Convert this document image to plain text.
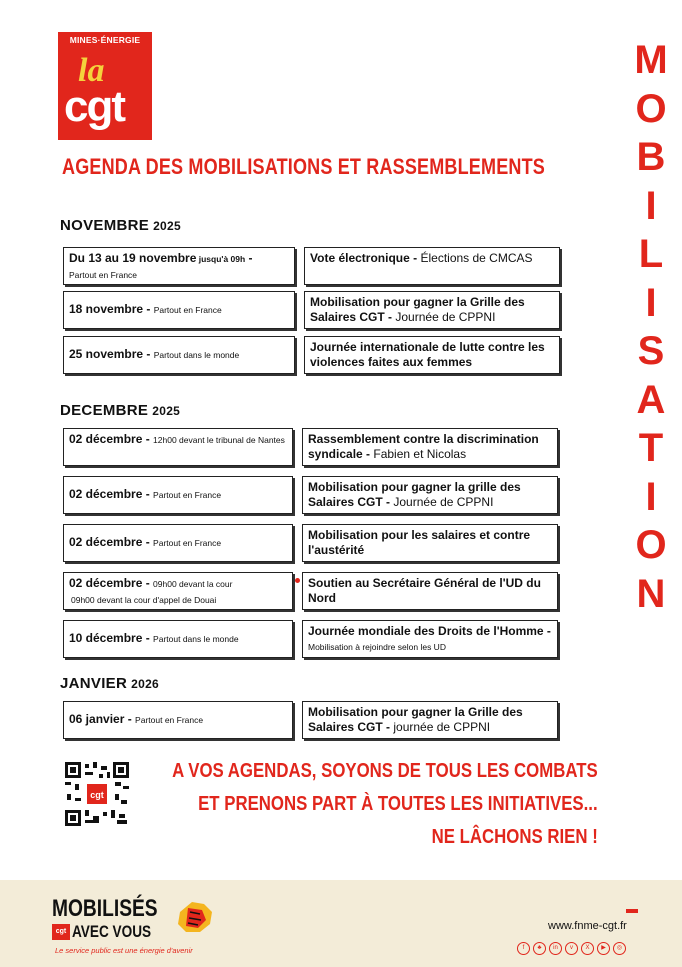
MINES·ÉNERGIE
la
cgt
AGENDA DES MOBILISATIONS ET RASSEMBLEMENTS
M
O
B
I
L
I
S
A
T
I
O
N
NOVEMBRE 2025
Du 13 au 19 novembre jusqu'à 09h -
Partout en France
Vote électronique - Élections de CMCAS
18 novembre - Partout en France
Mobilisation pour gagner la Grille des Salaires CGT - Journée de CPPNI
25 novembre - Partout dans le monde
Journée internationale de lutte contre les violences faites aux femmes
DECEMBRE 2025
02 décembre - 12h00 devant le tribunal de Nantes	Rassemblement contre la discrimination syndicale - Fabien et Nicolas
02 décembre - Partout en France
Mobilisation pour gagner la grille des Salaires CGT - Journée de CPPNI
02 décembre - Partout en France
Mobilisation pour les salaires et contre l'austérité
02 décembre - 09h00 devant la cour
09h00 devant la cour d'appel de Douai
Soutien au Secrétaire Général de l'UD du Nord
10 décembre - Partout dans le monde
Journée mondiale des Droits de l'Homme - Mobilisation à rejoindre selon les UD
JANVIER 2026
06 janvier - Partout en France
Mobilisation pour gagner la Grille des Salaires CGT - journée de CPPNI
cgt
A VOS AGENDAS, SOYONS DE TOUS LES COMBATS
ET PRENONS PART À TOUTES LES INITIATIVES...
NE LÂCHONS RIEN !
MOBILISÉS
cgt AVEC VOUS
Le service public est une énergie d'avenir
www.fnme-cgt.fr
f ♣ in v X ▶ ◎
